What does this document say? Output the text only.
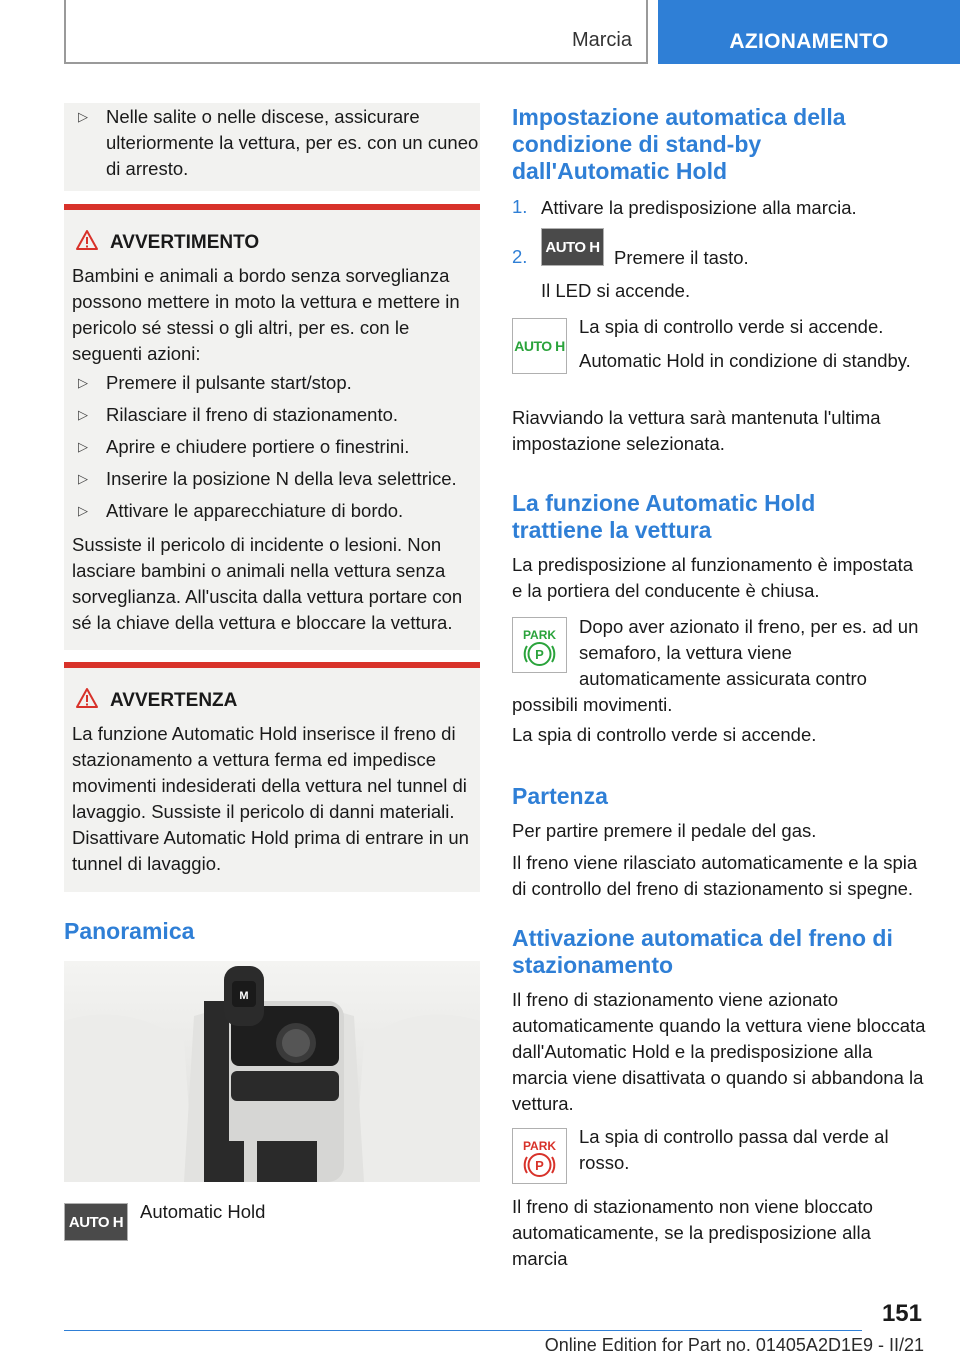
Marcia	AZIONAMENTO
▷ Nelle salite o nelle discese, assicurare ulteriormente la vettura, per es. con un cuneo di arresto.
AVVERTIMENTO
Bambini e animali a bordo senza sorveglianza possono mettere in moto la vettura e mettere in pericolo sé stessi o gli altri, per es. con le seguenti azioni:
▷ Premere il pulsante start/stop.
▷ Rilasciare il freno di stazionamento.
▷ Aprire e chiudere portiere o finestrini.
▷ Inserire la posizione N della leva selettrice.
▷ Attivare le apparecchiature di bordo.
Sussiste il pericolo di incidente o lesioni. Non lasciare bambini o animali nella vettura senza sorveglianza. All'uscita dalla vettura portare con sé la chiave della vettura e bloccare la vettura.
AVVERTENZA
La funzione Automatic Hold inserisce il freno di stazionamento a vettura ferma ed impedisce movimenti indesiderati della vettura nel tunnel di lavaggio. Sussiste il pericolo di danni materiali. Disattivare Automatic Hold prima di entrare in un tunnel di lavaggio.
Panoramica
M
AUTO H Automatic Hold
Impostazione automatica della condizione di stand-by dall'Automatic Hold
1. Attivare la predisposizione alla marcia.
2. AUTO H Premere il tasto.
Il LED si accende.
AUTO H
La spia di controllo verde si accende.
Automatic Hold in condizione di standby.
Riavviando la vettura sarà mantenuta l'ultima impostazione selezionata.
La funzione Automatic Hold trattiene la vettura
La predisposizione al funzionamento è impostata e la portiera del conducente è chiusa.
PARK
P
Dopo aver azionato il freno, per es. ad un semaforo, la vettura viene automaticamente assicurata contro possibili movimenti.
La spia di controllo verde si accende.
Partenza
Per partire premere il pedale del gas.
Il freno viene rilasciato automaticamente e la spia di controllo del freno di stazionamento si spegne.
Attivazione automatica del freno di stazionamento
Il freno di stazionamento viene azionato automaticamente quando la vettura viene bloccata dall'Automatic Hold e la predisposizione alla marcia viene disattivata o quando si abbandona la vettura.
PARK
P
La spia di controllo passa dal verde al rosso.
Il freno di stazionamento non viene bloccato automaticamente, se la predisposizione alla marcia
151
Online Edition for Part no. 01405A2D1E9 - II/21
